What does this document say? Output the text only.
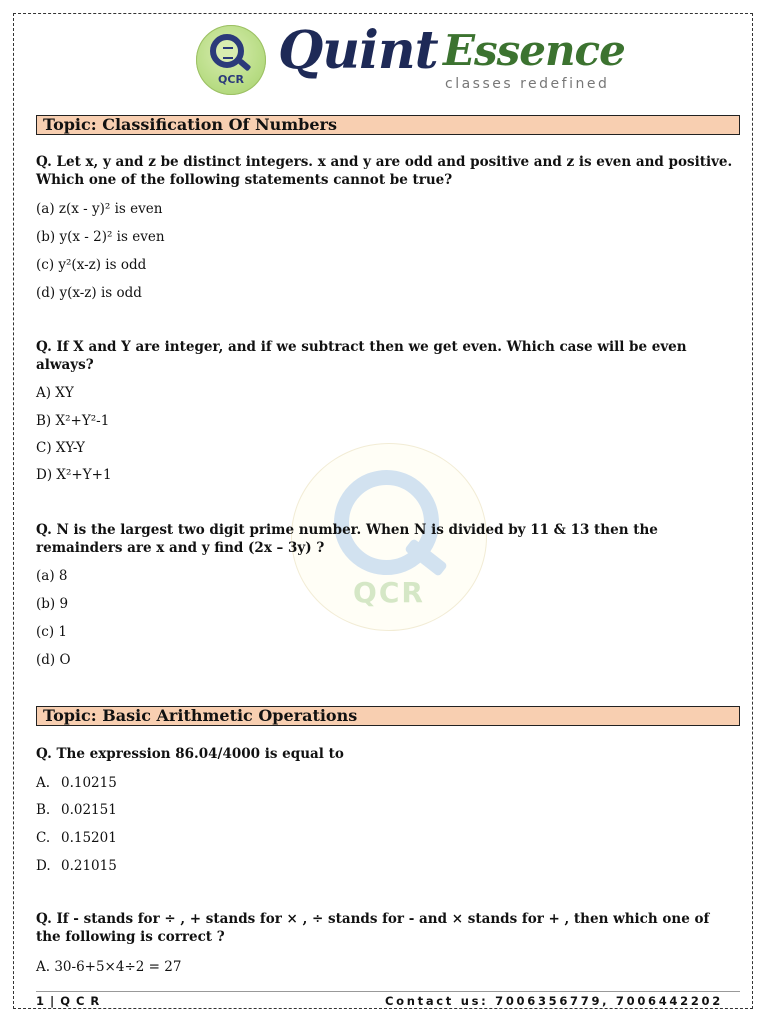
QCR Quint Essence
classes redefined
QCR
Topic: Classification Of Numbers
Q. Let x, y and z be distinct integers. x and y are odd and positive and z is even and positive. Which one of the following statements cannot be true?
(a) z(x - y)² is even
(b) y(x - 2)² is even
(c) y²(x-z) is odd
(d) y(x-z) is odd
Q. If X and Y are integer, and if we subtract then we get even. Which case will be even always?
A) XY
B) X²+Y²-1
C) XY-Y
D) X²+Y+1
Q. N is the largest two digit prime number. When N is divided by 11 & 13 then the remainders are x and y find (2x – 3y) ?
(a) 8
(b) 9
(c) 1
(d) O
Topic: Basic Arithmetic Operations
Q. The expression 86.04/4000 is equal to
A. 0.10215
B. 0.02151
C. 0.15201
D. 0.21015
Q. If - stands for ÷ , + stands for × , ÷ stands for - and × stands for + , then which one of the following is correct ?
A. 30-6+5×4÷2 = 27
1 | Q C R	Contact us: 7006356779, 7006442202
